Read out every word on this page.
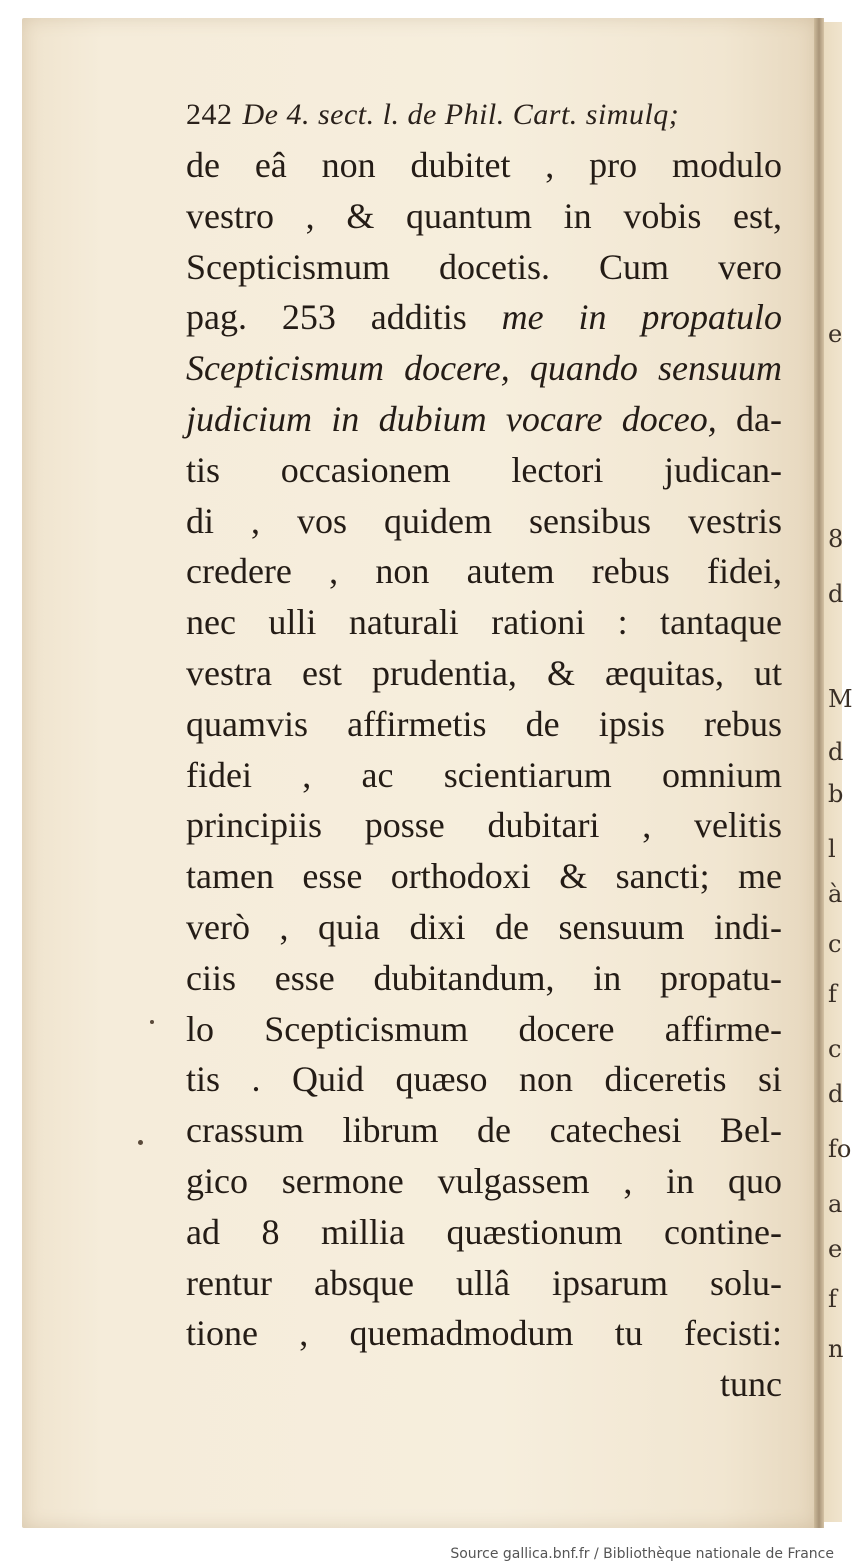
e
8
d
M
d
b
l
à
c
f
c
d
fo
a
e
f
n
242 De 4. sect. l. de Phil. Cart. simulq;
de eâ non dubitet , pro modulo
vestro , & quantum in vobis est,
Scepticismum docetis. Cum vero
pag. 253 additis me in propatulo
Scepticismum docere, quando sensuum
judicium in dubium vocare doceo, da-
tis occasionem lectori judican-
di , vos quidem sensibus vestris
credere , non autem rebus fidei,
nec ulli naturali rationi : tantaque
vestra est prudentia, & æquitas, ut
quamvis affirmetis de ipsis rebus
fidei , ac scientiarum omnium
principiis posse dubitari , velitis
tamen esse orthodoxi & sancti; me
verò , quia dixi de sensuum indi-
ciis esse dubitandum, in propatu-
lo Scepticismum docere affirme-
tis . Quid quæso non diceretis si
crassum librum de catechesi Bel-
gico sermone vulgassem , in quo
ad 8 millia quæstionum contine-
rentur absque ullâ ipsarum solu-
tione , quemadmodum tu fecisti:
tunc
Source gallica.bnf.fr / Bibliothèque nationale de France
